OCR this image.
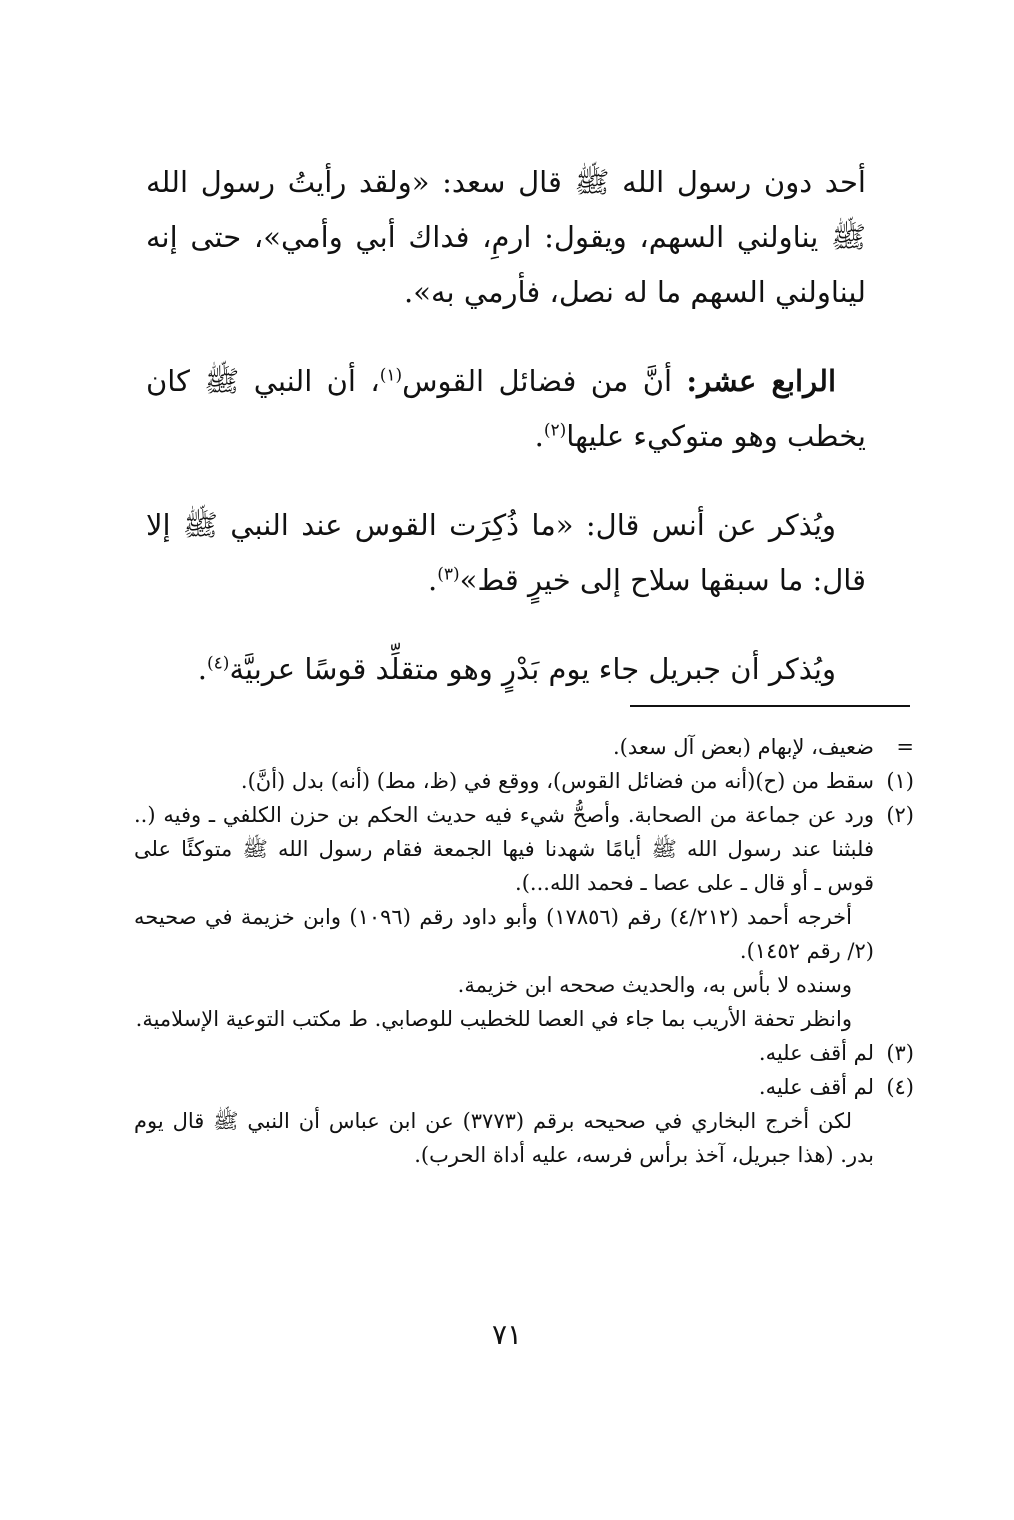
أحد دون رسول الله ﷺ قال سعد: «ولقد رأيتُ رسول الله ﷺ يناولني السهم، ويقول: ارمِ، فداك أبي وأمي»، حتى إنه ليناولني السهم ما له نصل، فأرمي به».

الرابع عشر: أنَّ من فضائل القوس$^{(١)}$، أن النبي ﷺ كان يخطب وهو متوكيء عليها$^{(٢)}$.

ويُذكر عن أنس قال: «ما ذُكِرَت القوس عند النبي ﷺ إلا قال: ما سبقها سلاح إلى خيرٍ قط»$^{(٣)}$.

ويُذكر أن جبريل جاء يوم بَدْرٍ وهو متقلِّد قوسًا عربيَّة$^{(٤)}$.

=
ضعيف، لإبهام (بعض آل سعد).

(١)
سقط من (ح)(أنه من فضائل القوس)، ووقع في (ظ، مط) (أنه) بدل (أنَّ).

(٢)
ورد عن جماعة من الصحابة. وأصحُّ شيء فيه حديث الحكم بن حزن الكلفي ـ وفيه (.. فلبثنا عند رسول الله ﷺ أيامًا شهدنا فيها الجمعة فقام رسول الله ﷺ متوكئًا على قوس ـ أو قال ـ على عصا ـ فحمد الله...).

أخرجه أحمد (٤/٢١٢) رقم (١٧٨٥٦) وأبو داود رقم (١٠٩٦) وابن خزيمة في صحيحه (٢/ رقم ١٤٥٢).

وسنده لا بأس به، والحديث صححه ابن خزيمة.

وانظر تحفة الأريب بما جاء في العصا للخطيب للوصابي. ط مكتب التوعية الإسلامية.

(٣)
لم أقف عليه.

(٤)
لم أقف عليه.

لكن أخرج البخاري في صحيحه برقم (٣٧٧٣) عن ابن عباس أن النبي ﷺ قال يوم بدر. (هذا جبريل، آخذ برأس فرسه، عليه أداة الحرب).

٧١
